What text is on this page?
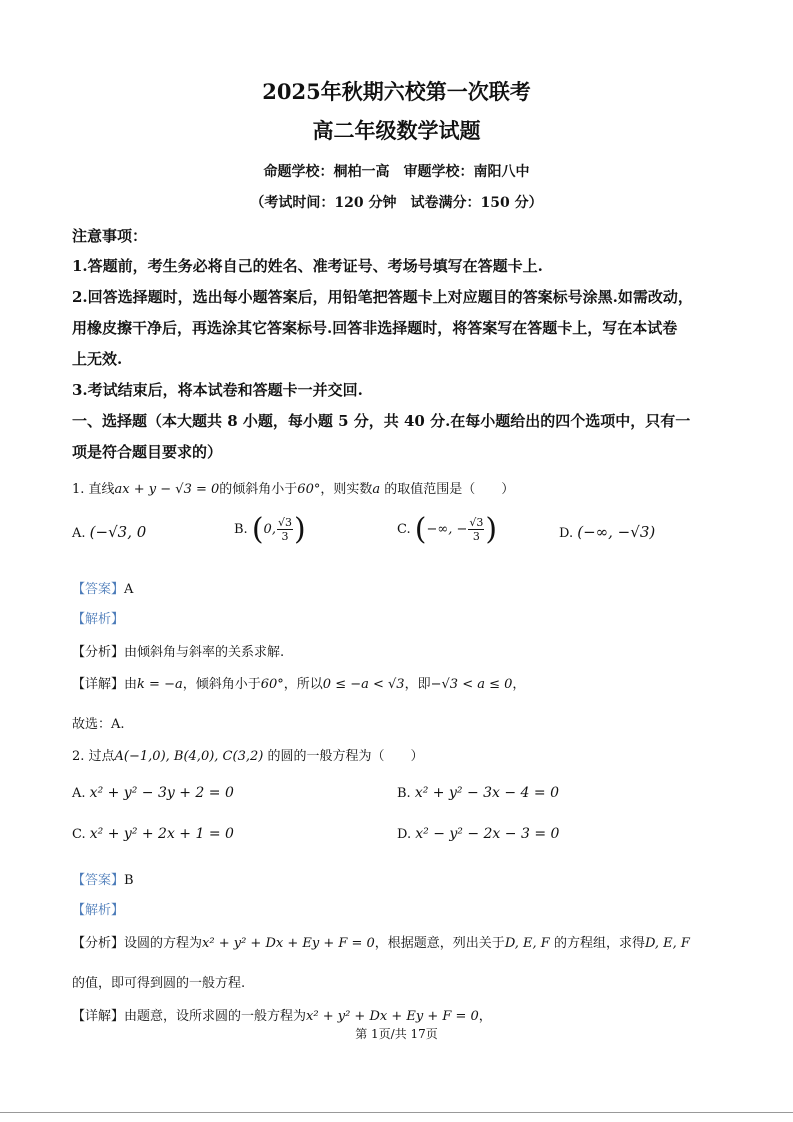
2025年秋期六校第一次联考
高二年级数学试题
命题学校：桐柏一高　审题学校：南阳八中
（考试时间：120 分钟　试卷满分：150 分）
注意事项：
1.答题前，考生务必将自己的姓名、准考证号、考场号填写在答题卡上.
2.回答选择题时，选出每小题答案后，用铅笔把答题卡上对应题目的答案标号涂黑.如需改动，
用橡皮擦干净后，再选涂其它答案标号.回答非选择题时，将答案写在答题卡上，写在本试卷
上无效.
3.考试结束后，将本试卷和答题卡一并交回.
一、选择题（本大题共 8 小题，每小题 5 分，共 40 分.在每小题给出的四个选项中，只有一
项是符合题目要求的）
1. 直线ax + y − √3 = 0的倾斜角小于60°，则实数a 的取值范围是（　　）
A. (−√3, 0	B. (0, $\frac{√3}{3}$ )	C. (−∞, − $\frac{√3}{3}$ )	D. (−∞, −√3)
【答案】A
【解析】
【分析】由倾斜角与斜率的关系求解.
【详解】由k = −a，倾斜角小于60°，所以0 ≤ −a < √3，即−√3 < a ≤ 0，
故选：A.
2. 过点A(−1,0), B(4,0), C(3,2) 的圆的一般方程为（　　）
A. x² + y² − 3y + 2 = 0	B. x² + y² − 3x − 4 = 0
C. x² + y² + 2x + 1 = 0	D. x² − y² − 2x − 3 = 0
【答案】B
【解析】
【分析】设圆的方程为x² + y² + Dx + Ey + F = 0，根据题意，列出关于D, E, F 的方程组，求得D, E, F
的值，即可得到圆的一般方程.
【详解】由题意，设所求圆的一般方程为x² + y² + Dx + Ey + F = 0，
第 1页/共 17页
